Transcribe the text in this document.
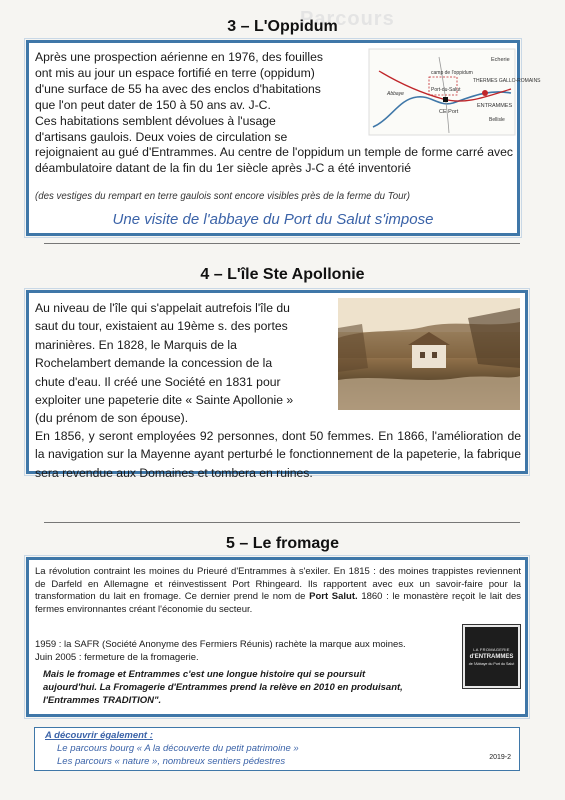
Parcours
3 – L'Oppidum
Echerie
camp de l'oppidum
Abbaye
Port-du-Salut
CE Port
THERMES GALLO-ROMAINS
ENTRAMMES
Bellisle

Après une prospection aérienne en 1976, des fouilles

ont mis au jour un espace fortifié en terre (oppidum)

d'une surface de 55 ha avec des enclos d'habitations

que l'on peut dater de 150 à 50 ans av. J-C.

Ces habitations semblent dévolues à l'usage

d'artisans gaulois. Deux voies de circulation se

rejoignaient au gué d'Entrammes. Au centre de l'oppidum un temple de forme carré avec déambulatoire datant de la fin du 1er siècle après J-C a été inventorié

(des vestiges du rempart en terre gaulois sont encore visibles près de la ferme du Tour)

Une visite de l'abbaye du Port du Salut s'impose

4 – L'île Ste Apollonie

Au niveau de l'île qui s'appelait autrefois l'île du

saut du tour, existaient au 19ème s. des portes

marinières. En 1828, le Marquis de la

Rochelambert demande la concession de la

chute d'eau. Il créé une Société en 1831 pour

exploiter une papeterie dite « Sainte Apollonie »

(du prénom de son épouse).

En 1856, y seront employées 92 personnes, dont 50 femmes. En 1866, l'amélioration de la navigation sur la Mayenne ayant perturbé le fonctionnement de la papeterie, la fabrique sera revendue aux Domaines et tombera en ruines.

5 – Le fromage
La révolution contraint les moines du Prieuré d'Entrammes à s'exiler. En 1815 : des moines trappistes reviennent de Darfeld en Allemagne et réinvestissent Port Rhingeard. Ils rapportent avec eux un savoir-faire pour la transformation du lait en fromage. Ce dernier prend le nom de Port Salut. 1860 : le monastère reçoit le lait des fermes environnantes créant l'économie du secteur.

1959 : la SAFR (Société Anonyme des Fermiers Réunis) rachète la marque aux moines.

Juin 2005 : fermeture de la fromagerie.

Mais le fromage et Entrammes c'est une longue histoire qui se poursuit

aujourd'hui. La Fromagerie d'Entrammes prend la relève en 2010 en produisant,

l'Entrammes TRADITION".

LA FROMAGERIE
d'ENTRAMMES
de l'Abbaye du Port du Salut

A découvrir également :

Le parcours bourg « A la découverte du petit patrimoine »

Les parcours « nature », nombreux sentiers pédestres	2019-2
